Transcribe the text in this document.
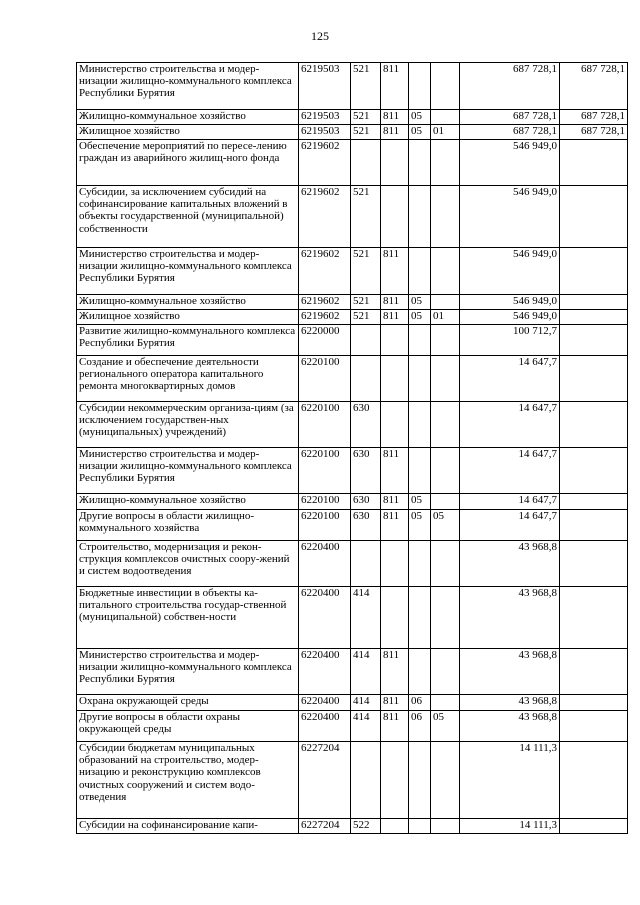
125
Министерство строительства и модер-низации жилищно-коммунального комплекса Республики Бурятия	6219503	521	811			687 728,1	687 728,1
Жилищно-коммунальное хозяйство	6219503	521	811	05		687 728,1	687 728,1
Жилищное хозяйство	6219503	521	811	05	01	687 728,1	687 728,1
Обеспечение мероприятий по пересе-лению граждан из аварийного жилищ-ного фонда	6219602					546 949,0	
Субсидии, за исключением субсидий на софинансирование капитальных вложений в объекты государственной (муниципальной) собственности	6219602	521				546 949,0	
Министерство строительства и модер-низации жилищно-коммунального комплекса Республики Бурятия	6219602	521	811			546 949,0	
Жилищно-коммунальное хозяйство	6219602	521	811	05		546 949,0	
Жилищное хозяйство	6219602	521	811	05	01	546 949,0	
Развитие жилищно-коммунального комплекса Республики Бурятия	6220000					100 712,7	
Создание и обеспечение деятельности регионального оператора капитального ремонта многоквартирных домов	6220100					14 647,7	
Субсидии некоммерческим организа-циям (за исключением государствен-ных (муниципальных) учреждений)	6220100	630				14 647,7	
Министерство строительства и модер-низации жилищно-коммунального комплекса Республики Бурятия	6220100	630	811			14 647,7	
Жилищно-коммунальное хозяйство	6220100	630	811	05		14 647,7	
Другие вопросы в области жилищно-коммунального хозяйства	6220100	630	811	05	05	14 647,7	
Строительство, модернизация и рекон-струкция комплексов очистных соору-жений и систем водоотведения	6220400					43 968,8	
Бюджетные инвестиции в объекты ка-питального строительства государ-ственной (муниципальной) собствен-ности	6220400	414				43 968,8	
Министерство строительства и модер-низации жилищно-коммунального комплекса Республики Бурятия	6220400	414	811			43 968,8	
Охрана окружающей среды	6220400	414	811	06		43 968,8	
Другие вопросы в области охраны окружающей среды	6220400	414	811	06	05	43 968,8	
Субсидии бюджетам муниципальных образований на строительство, модер-низацию и реконструкцию комплексов очистных сооружений и систем водо-отведения	6227204					14 111,3	
Субсидии на софинансирование капи-	6227204	522				14 111,3	
